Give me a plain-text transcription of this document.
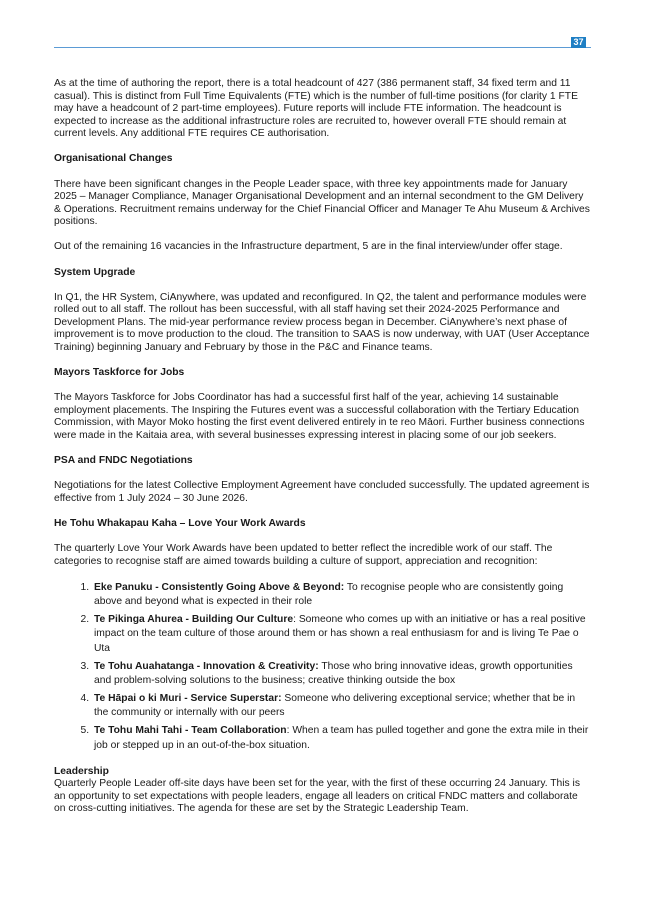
37

As at the time of authoring the report, there is a total headcount of 427 (386 permanent staff, 34 fixed term and 11 casual). This is distinct from Full Time Equivalents (FTE) which is the number of full-time positions (for clarity 1 FTE may have a headcount of 2 part-time employees). Future reports will include FTE information. The headcount is expected to increase as the additional infrastructure roles are recruited to, however overall FTE should remain at current levels. Any additional FTE requires CE authorisation.

Organisational Changes

There have been significant changes in the People Leader space, with three key appointments made for January 2025 – Manager Compliance, Manager Organisational Development and an internal secondment to the GM Delivery & Operations. Recruitment remains underway for the Chief Financial Officer and Manager Te Ahu Museum & Archives positions.

Out of the remaining 16 vacancies in the Infrastructure department, 5 are in the final interview/under offer stage.

System Upgrade

In Q1, the HR System, CiAnywhere, was updated and reconfigured. In Q2, the talent and performance modules were rolled out to all staff. The rollout has been successful, with all staff having set their 2024-2025 Performance and Development Plans. The mid-year performance review process began in December. CiAnywhere’s next phase of improvement is to move production to the cloud. The transition to SAAS is now underway, with UAT (User Acceptance Training) beginning January and February by those in the P&C and Finance teams.

Mayors Taskforce for Jobs

The Mayors Taskforce for Jobs Coordinator has had a successful first half of the year, achieving 14 sustainable employment placements. The Inspiring the Futures event was a successful collaboration with the Tertiary Education Commission, with Mayor Moko hosting the first event delivered entirely in te reo Māori. Further business connections were made in the Kaitaia area, with several businesses expressing interest in placing some of our job seekers.

PSA and FNDC Negotiations

Negotiations for the latest Collective Employment Agreement have concluded successfully. The updated agreement is effective from 1 July 2024 – 30 June 2026.

He Tohu Whakapau Kaha – Love Your Work Awards

The quarterly Love Your Work Awards have been updated to better reflect the incredible work of our staff. The categories to recognise staff are aimed towards building a culture of support, appreciation and recognition:

1. Eke Panuku - Consistently Going Above & Beyond: To recognise people who are consistently going above and beyond what is expected in their role
2. Te Pikinga Ahurea - Building Our Culture: Someone who comes up with an initiative or has a real positive impact on the team culture of those around them or has shown a real enthusiasm for and is living Te Pae o Uta
3. Te Tohu Auahatanga - Innovation & Creativity: Those who bring innovative ideas, growth opportunities and problem-solving solutions to the business; creative thinking outside the box
4. Te Hāpai o ki Muri - Service Superstar: Someone who delivering exceptional service; whether that be in the community or internally with our peers
5. Te Tohu Mahi Tahi - Team Collaboration: When a team has pulled together and gone the extra mile in their job or stepped up in an out-of-the-box situation.
Leadership

Quarterly People Leader off-site days have been set for the year, with the first of these occurring 24 January. This is an opportunity to set expectations with people leaders, engage all leaders on critical FNDC matters and collaborate on cross-cutting initiatives. The agenda for these are set by the Strategic Leadership Team.
